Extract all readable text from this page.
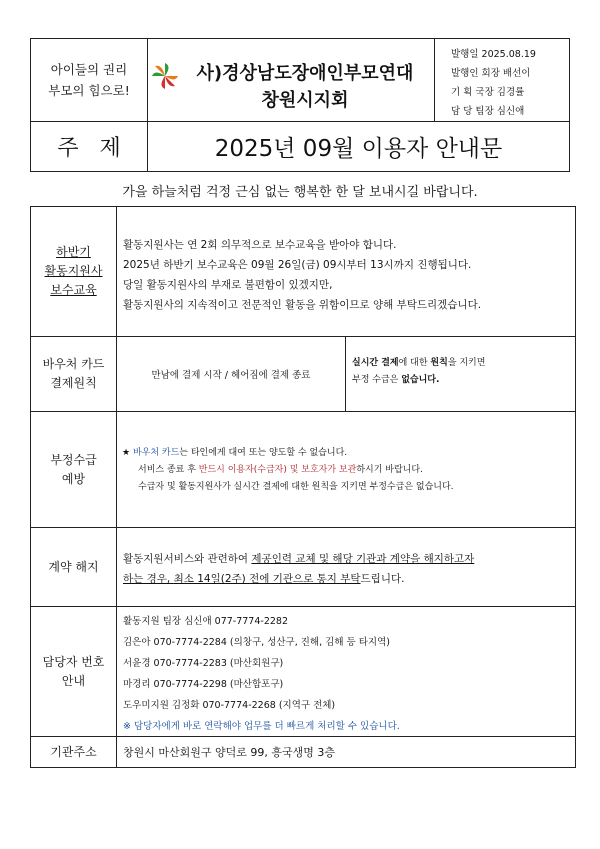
아이들의 권리
부모의 힘으로!
사)경상남도장애인부모연대
창원시지회
발행일 2025.08.19
발행인 회장 배선이
기 획 국장 김경률
담 당 팀장 심신애
주   제	2025년 09월 이용자 안내문
가을 하늘처럼 걱정 근심 없는 행복한 한 달 보내시길 바랍니다.
하반기
활동지원사
보수교육
활동지원사는 연 2회 의무적으로 보수교육을 받아야 합니다.
2025년 하반기 보수교육은 09월 26일(금) 09시부터 13시까지 진행됩니다.
당일 활동지원사의 부재로 불편함이 있겠지만,
활동지원사의 지속적이고 전문적인 활동을 위함이므로 양해 부탁드리겠습니다.
바우처 카드
결제원칙
만남에 결제 시작 / 헤어짐에 결제 종료
실시간 결제에 대한 원칙을 지키면
부정 수급은 없습니다.
부정수급
예방
★ 바우처 카드는 타인에게 대여 또는 양도할 수 없습니다.
서비스 종료 후 반드시 이용자(수급자) 및 보호자가 보관하시기 바랍니다.
수급자 및 활동지원사가 실시간 결제에 대한 원칙을 지키면 부정수급은 없습니다.
계약 해지
활동지원서비스와 관련하여 제공인력 교체 및 해당 기관과 계약을 해지하고자
하는 경우, 최소 14일(2주) 전에 기관으로 통지 부탁드립니다.
담당자 번호
안내
활동지원 팀장 심신애 077-7774-2282
김은아 070-7774-2284 (의창구, 성산구, 진해, 김해 등 타지역)
서윤경 070-7774-2283 (마산회원구)
마경리 070-7774-2298 (마산합포구)
도우미지원 김정화 070-7774-2268 (지역구 전체)
※ 담당자에게 바로 연락해야 업무를 더 빠르게 처리할 수 있습니다.
기관주소 창원시 마산회원구 양덕로 99, 흥국생명 3층
